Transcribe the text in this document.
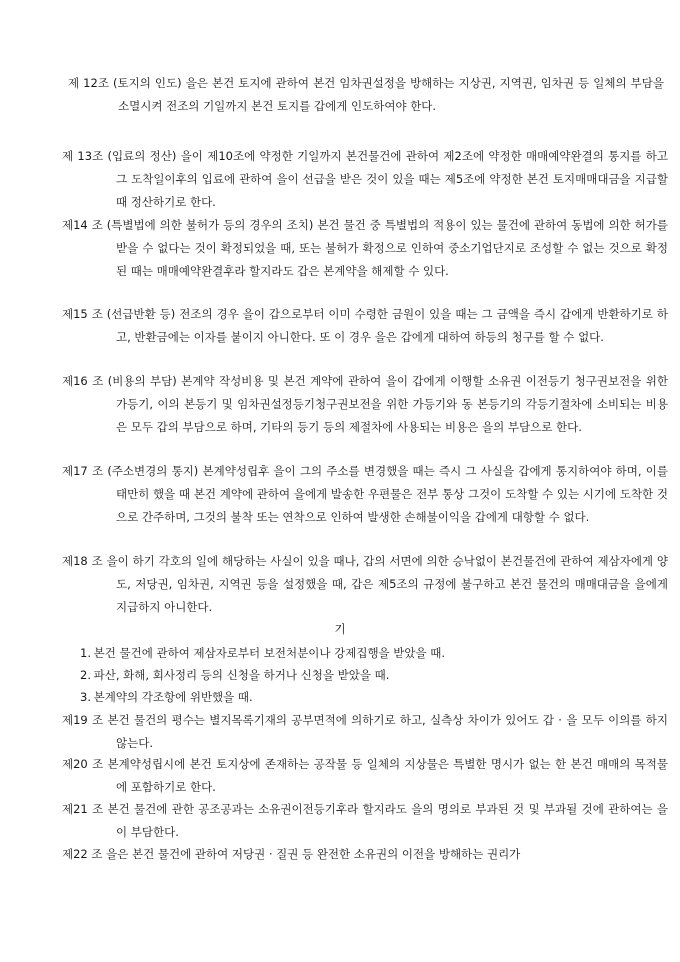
제 12조 (토지의 인도) 을은 본건 토지에 관하여 본건 임차권설정을 방해하는 지상권, 지역권, 임차권 등 일체의 부담을 소멸시켜 전조의 기일까지 본건 토지를 갑에게 인도하여야 한다.

제 13조 (입료의 정산) 을이 제10조에 약정한 기일까지 본건물건에 관하여 제2조에 약정한 매매예약완결의 통지를 하고 그 도착일이후의 입료에 관하여 을이 선급을 받은 것이 있을 때는 제5조에 약정한 본건 토지매매대금을 지급할 때 정산하기로 한다.

제14 조 (특별법에 의한 불허가 등의 경우의 조치) 본건 물건 중 특별법의 적용이 있는 물건에 관하여 동법에 의한 허가를 받을 수 없다는 것이 확정되었을 때, 또는 불허가 확정으로 인하여 중소기업단지로 조성할 수 없는 것으로 확정된 때는 매매예약완결후라 할지라도 갑은 본계약을 해제할 수 있다.

제15 조 (선급반환 등) 전조의 경우 을이 갑으로부터 이미 수령한 금원이 있을 때는 그 금액을 즉시 갑에게 반환하기로 하고, 반환금에는 이자를 붙이지 아니한다. 또 이 경우 을은 갑에게 대하여 하등의 청구를 할 수 없다.

제16 조 (비용의 부담) 본계약 작성비용 및 본건 계약에 관하여 을이 갑에게 이행할 소유권 이전등기 청구권보전을 위한 가등기, 이의 본등기 및 임차권설정등기청구권보전을 위한 가등기와 동 본등기의 각등기절차에 소비되는 비용은 모두 갑의 부담으로 하며, 기타의 등기 등의 제절차에 사용되는 비용은 을의 부담으로 한다.

제17 조 (주소변경의 통지) 본계약성립후 을이 그의 주소를 변경했을 때는 즉시 그 사실을 갑에게 통지하여야 하며, 이를 태만히 했을 때 본건 계약에 관하여 을에게 발송한 우편물은 전부 통상 그것이 도착할 수 있는 시기에 도착한 것으로 간주하며, 그것의 불착 또는 연착으로 인하여 발생한 손해불이익을 갑에게 대항할 수 없다.

제18 조 을이 하기 각호의 일에 해당하는 사실이 있을 때나, 갑의 서면에 의한 승낙없이 본건물건에 관하여 제삼자에게 양도, 저당권, 임차권, 지역권 등을 설정했을 때, 갑은 제5조의 규정에 불구하고 본건 물건의 매매대금을 을에게 지급하지 아니한다.

기
1. 본건 물건에 관하여 제삼자로부터 보전처분이나 강제집행을 받았을 때.
2. 파산, 화해, 회사정리 등의 신청을 하거나 신청을 받았을 때.
3. 본계약의 각조항에 위반했을 때.

제19 조 본건 물건의 평수는 별지목록기재의 공부면적에 의하기로 하고, 실측상 차이가 있어도 갑 · 을 모두 이의를 하지 않는다.

제20 조 본계약성립시에 본건 토지상에 존재하는 공작물 등 일체의 지상물은 특별한 명시가 없는 한 본건 매매의 목적물에 포함하기로 한다.

제21 조 본건 물건에 관한 공조공과는 소유권이전등기후라 할지라도 을의 명의로 부과된 것 및 부과될 것에 관하여는 을이 부담한다.

제22 조 을은 본건 물건에 관하여 저당권 · 질권 등 완전한 소유권의 이전을 방해하는 권리가
